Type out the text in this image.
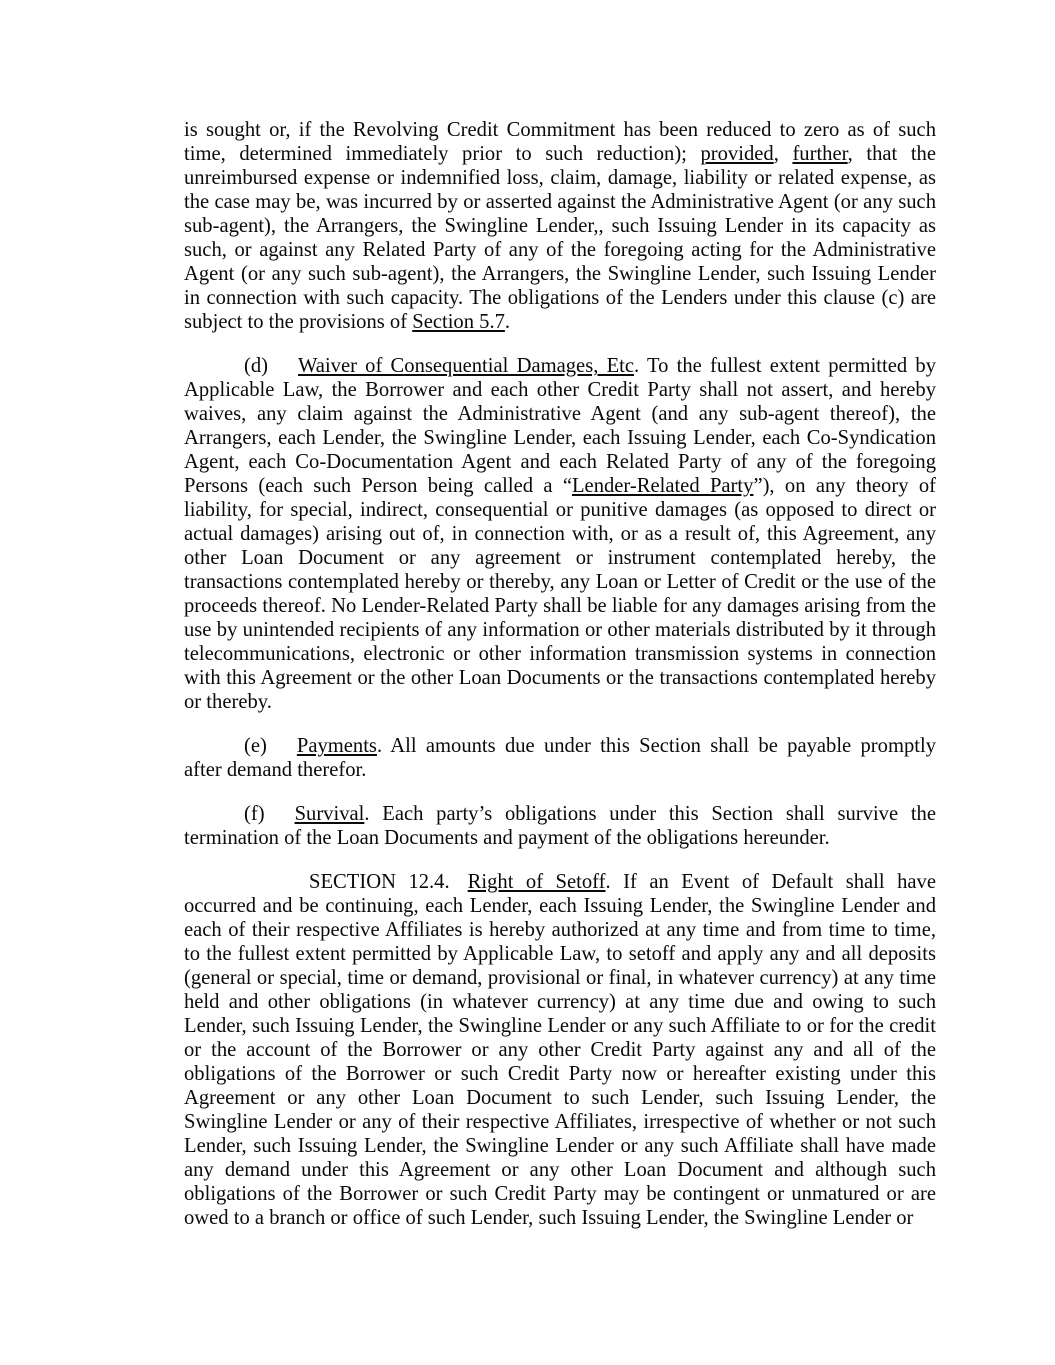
is sought or, if the Revolving Credit Commitment has been reduced to zero as of such time, determined immediately prior to such reduction); provided, further, that the unreimbursed expense or indemnified loss, claim, damage, liability or related expense, as the case may be, was incurred by or asserted against the Administrative Agent (or any such sub-agent), the Arrangers, the Swingline Lender,, such Issuing Lender in its capacity as such, or against any Related Party of any of the foregoing acting for the Administrative Agent (or any such sub-agent), the Arrangers, the Swingline Lender, such Issuing Lender in connection with such capacity. The obligations of the Lenders under this clause (c) are subject to the provisions of Section 5.7.

(d) Waiver of Consequential Damages, Etc. To the fullest extent permitted by Applicable Law, the Borrower and each other Credit Party shall not assert, and hereby waives, any claim against the Administrative Agent (and any sub-agent thereof), the Arrangers, each Lender, the Swingline Lender, each Issuing Lender, each Co-Syndication Agent, each Co-Documentation Agent and each Related Party of any of the foregoing Persons (each such Person being called a “Lender-Related Party”), on any theory of liability, for special, indirect, consequential or punitive damages (as opposed to direct or actual damages) arising out of, in connection with, or as a result of, this Agreement, any other Loan Document or any agreement or instrument contemplated hereby, the transactions contemplated hereby or thereby, any Loan or Letter of Credit or the use of the proceeds thereof. No Lender-Related Party shall be liable for any damages arising from the use by unintended recipients of any information or other materials distributed by it through telecommunications, electronic or other information transmission systems in connection with this Agreement or the other Loan Documents or the transactions contemplated hereby or thereby.

(e) Payments. All amounts due under this Section shall be payable promptly after demand therefor.

(f) Survival. Each party’s obligations under this Section shall survive the termination of the Loan Documents and payment of the obligations hereunder.

SECTION 12.4. Right of Setoff. If an Event of Default shall have occurred and be continuing, each Lender, each Issuing Lender, the Swingline Lender and each of their respective Affiliates is hereby authorized at any time and from time to time, to the fullest extent permitted by Applicable Law, to setoff and apply any and all deposits (general or special, time or demand, provisional or final, in whatever currency) at any time held and other obligations (in whatever currency) at any time due and owing to such Lender, such Issuing Lender, the Swingline Lender or any such Affiliate to or for the credit or the account of the Borrower or any other Credit Party against any and all of the obligations of the Borrower or such Credit Party now or hereafter existing under this Agreement or any other Loan Document to such Lender, such Issuing Lender, the Swingline Lender or any of their respective Affiliates, irrespective of whether or not such Lender, such Issuing Lender, the Swingline Lender or any such Affiliate shall have made any demand under this Agreement or any other Loan Document and although such obligations of the Borrower or such Credit Party may be contingent or unmatured or are owed to a branch or office of such Lender, such Issuing Lender, the Swingline Lender or
